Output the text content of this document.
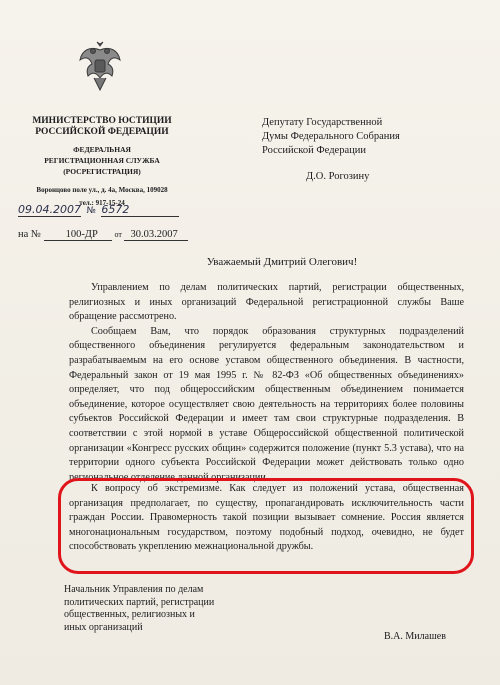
МИНИСТЕРСТВО ЮСТИЦИИ
РОССИЙСКОЙ ФЕДЕРАЦИИ
ФЕДЕРАЛЬНАЯ
РЕГИСТРАЦИОННАЯ СЛУЖБА
(РОСРЕГИСТРАЦИЯ)
Воронцово поле ул., д. 4а, Москва, 109028
тел.: 917-15-24
Депутату Государственной
Думы Федерального Собрания
Российской Федерации
Д.О. Рогозину
09.04.2007 № 6572
на № 100-ДР от 30.03.2007
Уважаемый Дмитрий Олегович!

Управлением по делам политических партий, регистрации общественных, религиозных и иных организаций Федеральной регистрационной службы Ваше обращение рассмотрено.

Сообщаем Вам, что порядок образования структурных подразделений общественного объединения регулируется федеральным законодательством и разрабатываемым на его основе уставом общественного объединения. В частности, Федеральный закон от 19 мая 1995 г. № 82-ФЗ «Об общественных объединениях» определяет, что под общероссийским общественным объединением понимается объединение, которое осуществляет свою деятельность на территориях более половины субъектов Российской Федерации и имеет там свои структурные подразделения. В соответствии с этой нормой в уставе Общероссийской общественной политической организации «Конгресс русских общин» содержится положение (пункт 5.3 устава), что на территории одного субъекта Российской Федерации может действовать только одно региональное отделение данной организации.

К вопросу об экстремизме. Как следует из положений устава, общественная организация предполагает, по существу, пропагандировать исключительность части граждан России. Правомерность такой позиции вызывает сомнение. Россия является многонациональным государством, поэтому подобный подход, очевидно, не будет способствовать укреплению межнациональной дружбы.

Начальник Управления по делам
политических партий, регистрации
общественных, религиозных и
иных организаций
В.А. Милашев
